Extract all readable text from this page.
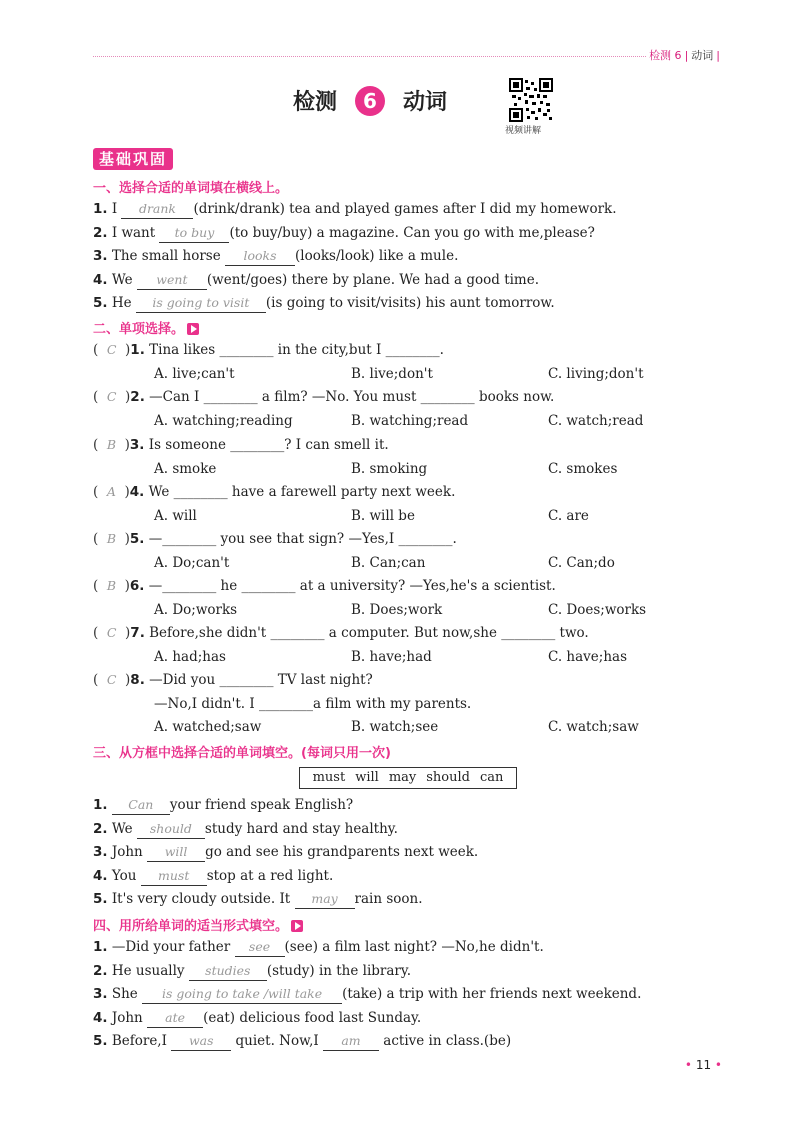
检测 6 | 动词 |
检测 6 动词
视频讲解
基础巩固
一、选择合适的单词填在横线上。
1. I drank (drink/drank) tea and played games after I did my homework.
2. I want to buy (to buy/buy) a magazine. Can you go with me,please?
3. The small horse looks (looks/look) like a mule.
4. We went (went/goes) there by plane. We had a good time.
5. He is going to visit (is going to visit/visits) his aunt tomorrow.
二、单项选择。
(  C  )1. Tina likes ________ in the city,but I ________.
A. live;can't	B. live;don't	C. living;don't
(  C  )2. —Can I ________ a film? —No. You must ________ books now.
A. watching;reading	B. watching;read	C. watch;read
(  B  )3. Is someone ________? I can smell it.
A. smoke	B. smoking	C. smokes
(  A  )4. We ________ have a farewell party next week.
A. will	B. will be	C. are
(  B  )5. —________ you see that sign? —Yes,I ________.
A. Do;can't	B. Can;can	C. Can;do
(  B  )6. —________ he ________ at a university? —Yes,he's a scientist.
A. Do;works	B. Does;work	C. Does;works
(  C  )7. Before,she didn't ________ a computer. But now,she ________ two.
A. had;has	B. have;had	C. have;has
(  C  )8. —Did you ________ TV last night?
—No,I didn't. I ________a film with my parents.
A. watched;saw	B. watch;see	C. watch;saw
三、从方框中选择合适的单词填空。(每词只用一次)
must will may should can
1. Can your friend speak English?
2. We should study hard and stay healthy.
3. John will go and see his grandparents next week.
4. You must stop at a red light.
5. It's very cloudy outside. It may rain soon.
四、用所给单词的适当形式填空。
1. —Did your father see (see) a film last night? —No,he didn't.
2. He usually studies (study) in the library.
3. She is going to take /will take (take) a trip with her friends next weekend.
4. John ate (eat) delicious food last Sunday.
5. Before,I was quiet. Now,I am active in class.(be)
• 11 •
